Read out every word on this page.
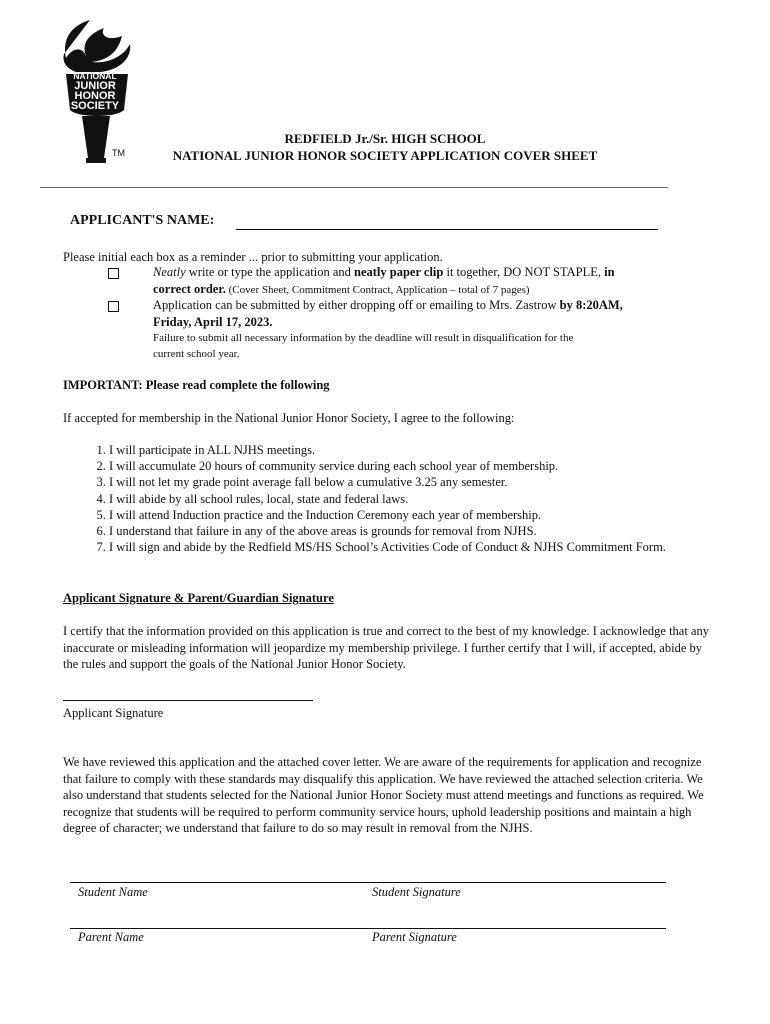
NATIONAL
JUNIOR
HONOR
SOCIETY
TM
REDFIELD Jr./Sr. HIGH SCHOOL
NATIONAL JUNIOR HONOR SOCIETY APPLICATION COVER SHEET
APPLICANT'S NAME:
Please initial each box as a reminder ... prior to submitting your application.
Neatly write or type the application and neatly paper clip it together, DO NOT STAPLE, in
correct order. (Cover Sheet, Commitment Contract, Application – total of 7 pages)
Application can be submitted by either dropping off or emailing to Mrs. Zastrow by 8:20AM,
Friday, April 17, 2023.
Failure to submit all necessary information by the deadline will result in disqualification for the
current school year.
IMPORTANT: Please read complete the following
If accepted for membership in the National Junior Honor Society, I agree to the following:
1. I will participate in ALL NJHS meetings.
2. I will accumulate 20 hours of community service during each school year of membership.
3. I will not let my grade point average fall below a cumulative 3.25 any semester.
4. I will abide by all school rules, local, state and federal laws.
5. I will attend Induction practice and the Induction Ceremony each year of membership.
6. I understand that failure in any of the above areas is grounds for removal from NJHS.
7. I will sign and abide by the Redfield MS/HS School’s Activities Code of Conduct & NJHS Commitment Form.
Applicant Signature & Parent/Guardian Signature
I certify that the information provided on this application is true and correct to the best of my knowledge. I acknowledge that any inaccurate or misleading information will jeopardize my membership privilege. I further certify that I will, if accepted, abide by the rules and support the goals of the National Junior Honor Society.
Applicant Signature
We have reviewed this application and the attached cover letter. We are aware of the requirements for application and recognize that failure to comply with these standards may disqualify this application. We have reviewed the attached selection criteria. We also understand that students selected for the National Junior Honor Society must attend meetings and functions as required. We recognize that students will be required to perform community service hours, uphold leadership positions and maintain a high degree of character; we understand that failure to do so may result in removal from the NJHS.
Student Name	Student Signature
Parent Name	Parent Signature
